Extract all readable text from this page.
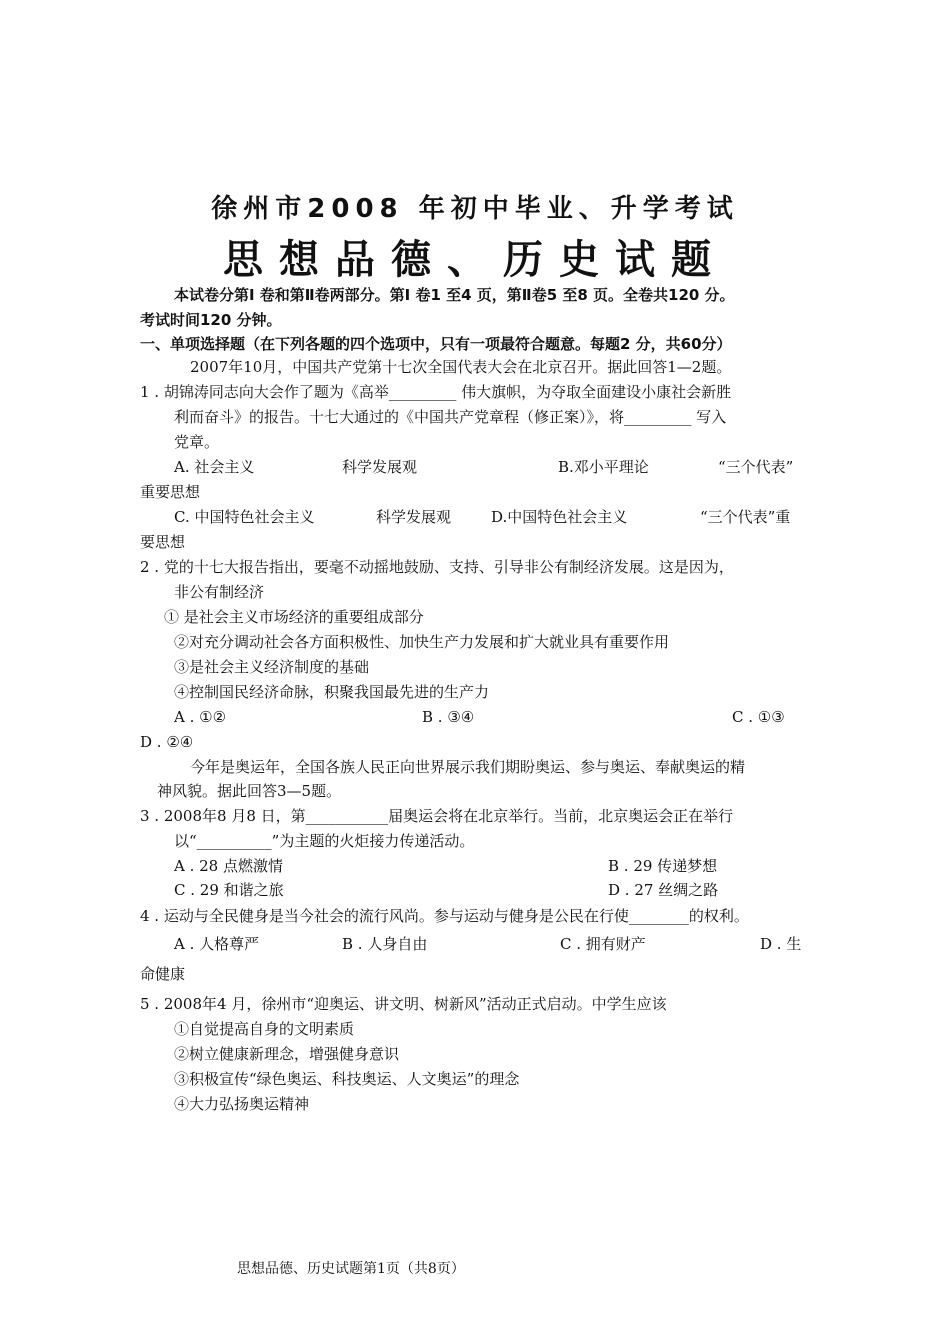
徐州市2008 年初中毕业、升学考试
思想品德、历史试题
本试卷分第I 卷和第Ⅱ卷两部分。第I 卷1 至4 页，第Ⅱ卷5 至8 页。全卷共120 分。
考试时间120 分钟。
一、单项选择题（在下列各题的四个选项中，只有一项最符合题意。每题2 分，共60分）
2007年10月，中国共产党第十七次全国代表大会在北京召开。据此回答1—2题。
1 . 胡锦涛同志向大会作了题为《高举_________ 伟大旗帜，为夺取全面建设小康社会新胜
利而奋斗》的报告。十七大通过的《中国共产党章程（修正案）》，将_________ 写入
党章。
A. 社会主义	科学发展观	B.邓小平理论	“三个代表”
重要思想
C. 中国特色社会主义	科学发展观	D.中国特色社会主义	“三个代表”重
要思想
2 . 党的十七大报告指出，要毫不动摇地鼓励、支持、引导非公有制经济发展。这是因为，
非公有制经济
① 是社会主义市场经济的重要组成部分
②对充分调动社会各方面积极性、加快生产力发展和扩大就业具有重要作用
③是社会主义经济制度的基础
④控制国民经济命脉，积聚我国最先进的生产力
A . ①②	B . ③④	C . ①③
D . ②④
今年是奥运年，全国各族人民正向世界展示我们期盼奥运、参与奥运、奉献奥运的精
神风貌。据此回答3—5题。
3 . 2008年8 月8 日，第___________届奥运会将在北京举行。当前，北京奥运会正在举行
以“__________”为主题的火炬接力传递活动。
A . 28 点燃激情	B . 29 传递梦想
C . 29 和谐之旅	D . 27 丝绸之路
4 . 运动与全民健身是当今社会的流行风尚。参与运动与健身是公民在行使________的权利。
A . 人格尊严	B . 人身自由	C . 拥有财产	D . 生
命健康
5 . 2008年4 月，徐州市“迎奥运、讲文明、树新风”活动正式启动。中学生应该
①自觉提高自身的文明素质
②树立健康新理念，增强健身意识
③积极宣传“绿色奥运、科技奥运、人文奥运”的理念
④大力弘扬奥运精神
思想品德、历史试题第1页（共8页）
